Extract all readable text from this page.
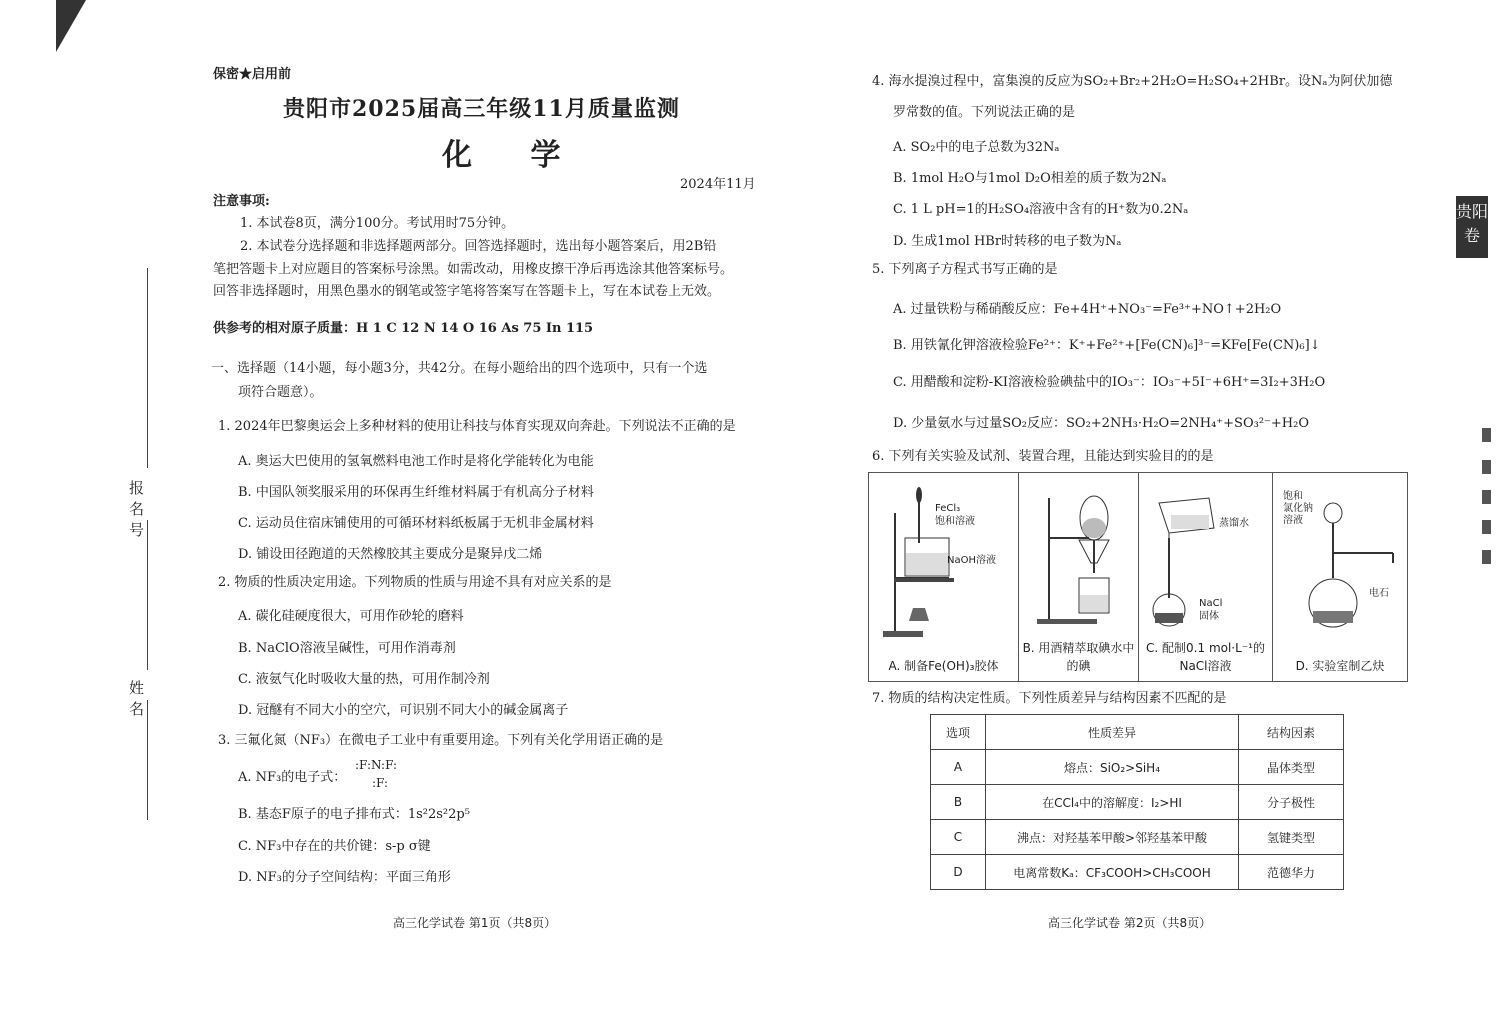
报名号
姓名
保密★启用前
贵阳市2025届高三年级11月质量监测
化 学
2024年11月
注意事项:
1. 本试卷8页，满分100分。考试用时75分钟。
2. 本试卷分选择题和非选择题两部分。回答选择题时，选出每小题答案后，用2B铅
笔把答题卡上对应题目的答案标号涂黑。如需改动，用橡皮擦干净后再选涂其他答案标号。
回答非选择题时，用黑色墨水的钢笔或签字笔将答案写在答题卡上，写在本试卷上无效。
供参考的相对原子质量：H 1 C 12 N 14 O 16 As 75 In 115
一、选择题（14小题，每小题3分，共42分。在每小题给出的四个选项中，只有一个选
项符合题意）。
1. 2024年巴黎奥运会上多种材料的使用让科技与体育实现双向奔赴。下列说法不正确的是
A. 奥运大巴使用的氢氧燃料电池工作时是将化学能转化为电能
B. 中国队领奖服采用的环保再生纤维材料属于有机高分子材料
C. 运动员住宿床铺使用的可循环材料纸板属于无机非金属材料
D. 铺设田径跑道的天然橡胶其主要成分是聚异戊二烯
2. 物质的性质决定用途。下列物质的性质与用途不具有对应关系的是
A. 碳化硅硬度很大，可用作砂轮的磨料
B. NaClO溶液呈碱性，可用作消毒剂
C. 液氨气化时吸收大量的热，可用作制冷剂
D. 冠醚有不同大小的空穴，可识别不同大小的碱金属离子
3. 三氟化氮（NF₃）在微电子工业中有重要用途。下列有关化学用语正确的是
A. NF₃的电子式：
:F:N:F:
:F:
B. 基态F原子的电子排布式：1s²2s²2p⁵
C. NF₃中存在的共价键：s-p σ键
D. NF₃的分子空间结构：平面三角形
高三化学试卷 第1页（共8页）
4. 海水提溴过程中，富集溴的反应为SO₂+Br₂+2H₂O=H₂SO₄+2HBr。设Nₐ为阿伏加德
罗常数的值。下列说法正确的是
A. SO₂中的电子总数为32Nₐ
B. 1mol H₂O与1mol D₂O相差的质子数为2Nₐ
C. 1 L pH=1的H₂SO₄溶液中含有的H⁺数为0.2Nₐ
D. 生成1mol HBr时转移的电子数为Nₐ
5. 下列离子方程式书写正确的是
A. 过量铁粉与稀硝酸反应：Fe+4H⁺+NO₃⁻=Fe³⁺+NO↑+2H₂O
B. 用铁氰化钾溶液检验Fe²⁺：K⁺+Fe²⁺+[Fe(CN)₆]³⁻=KFe[Fe(CN)₆]↓
C. 用醋酸和淀粉-KI溶液检验碘盐中的IO₃⁻：IO₃⁻+5I⁻+6H⁺=3I₂+3H₂O
D. 少量氨水与过量SO₂反应：SO₂+2NH₃·H₂O=2NH₄⁺+SO₃²⁻+H₂O
6. 下列有关实验及试剂、装置合理，且能达到实验目的的是
FeCl₃
饱和溶液
NaOH溶液
A. 制备Fe(OH)₃胶体
B. 用酒精萃取碘水中的碘
蒸馏水
NaCl
固体
C. 配制0.1 mol·L⁻¹的NaCl溶液
饱和
氯化钠
溶液
电石
D. 实验室制乙炔
7. 物质的结构决定性质。下列性质差异与结构因素不匹配的是
选项	性质差异	结构因素
A	熔点：SiO₂>SiH₄	晶体类型
B	在CCl₄中的溶解度：I₂>HI	分子极性
C	沸点：对羟基苯甲酸>邻羟基苯甲酸	氢键类型
D	电离常数Kₐ：CF₃COOH>CH₃COOH	范德华力
高三化学试卷 第2页（共8页）
贵阳卷
